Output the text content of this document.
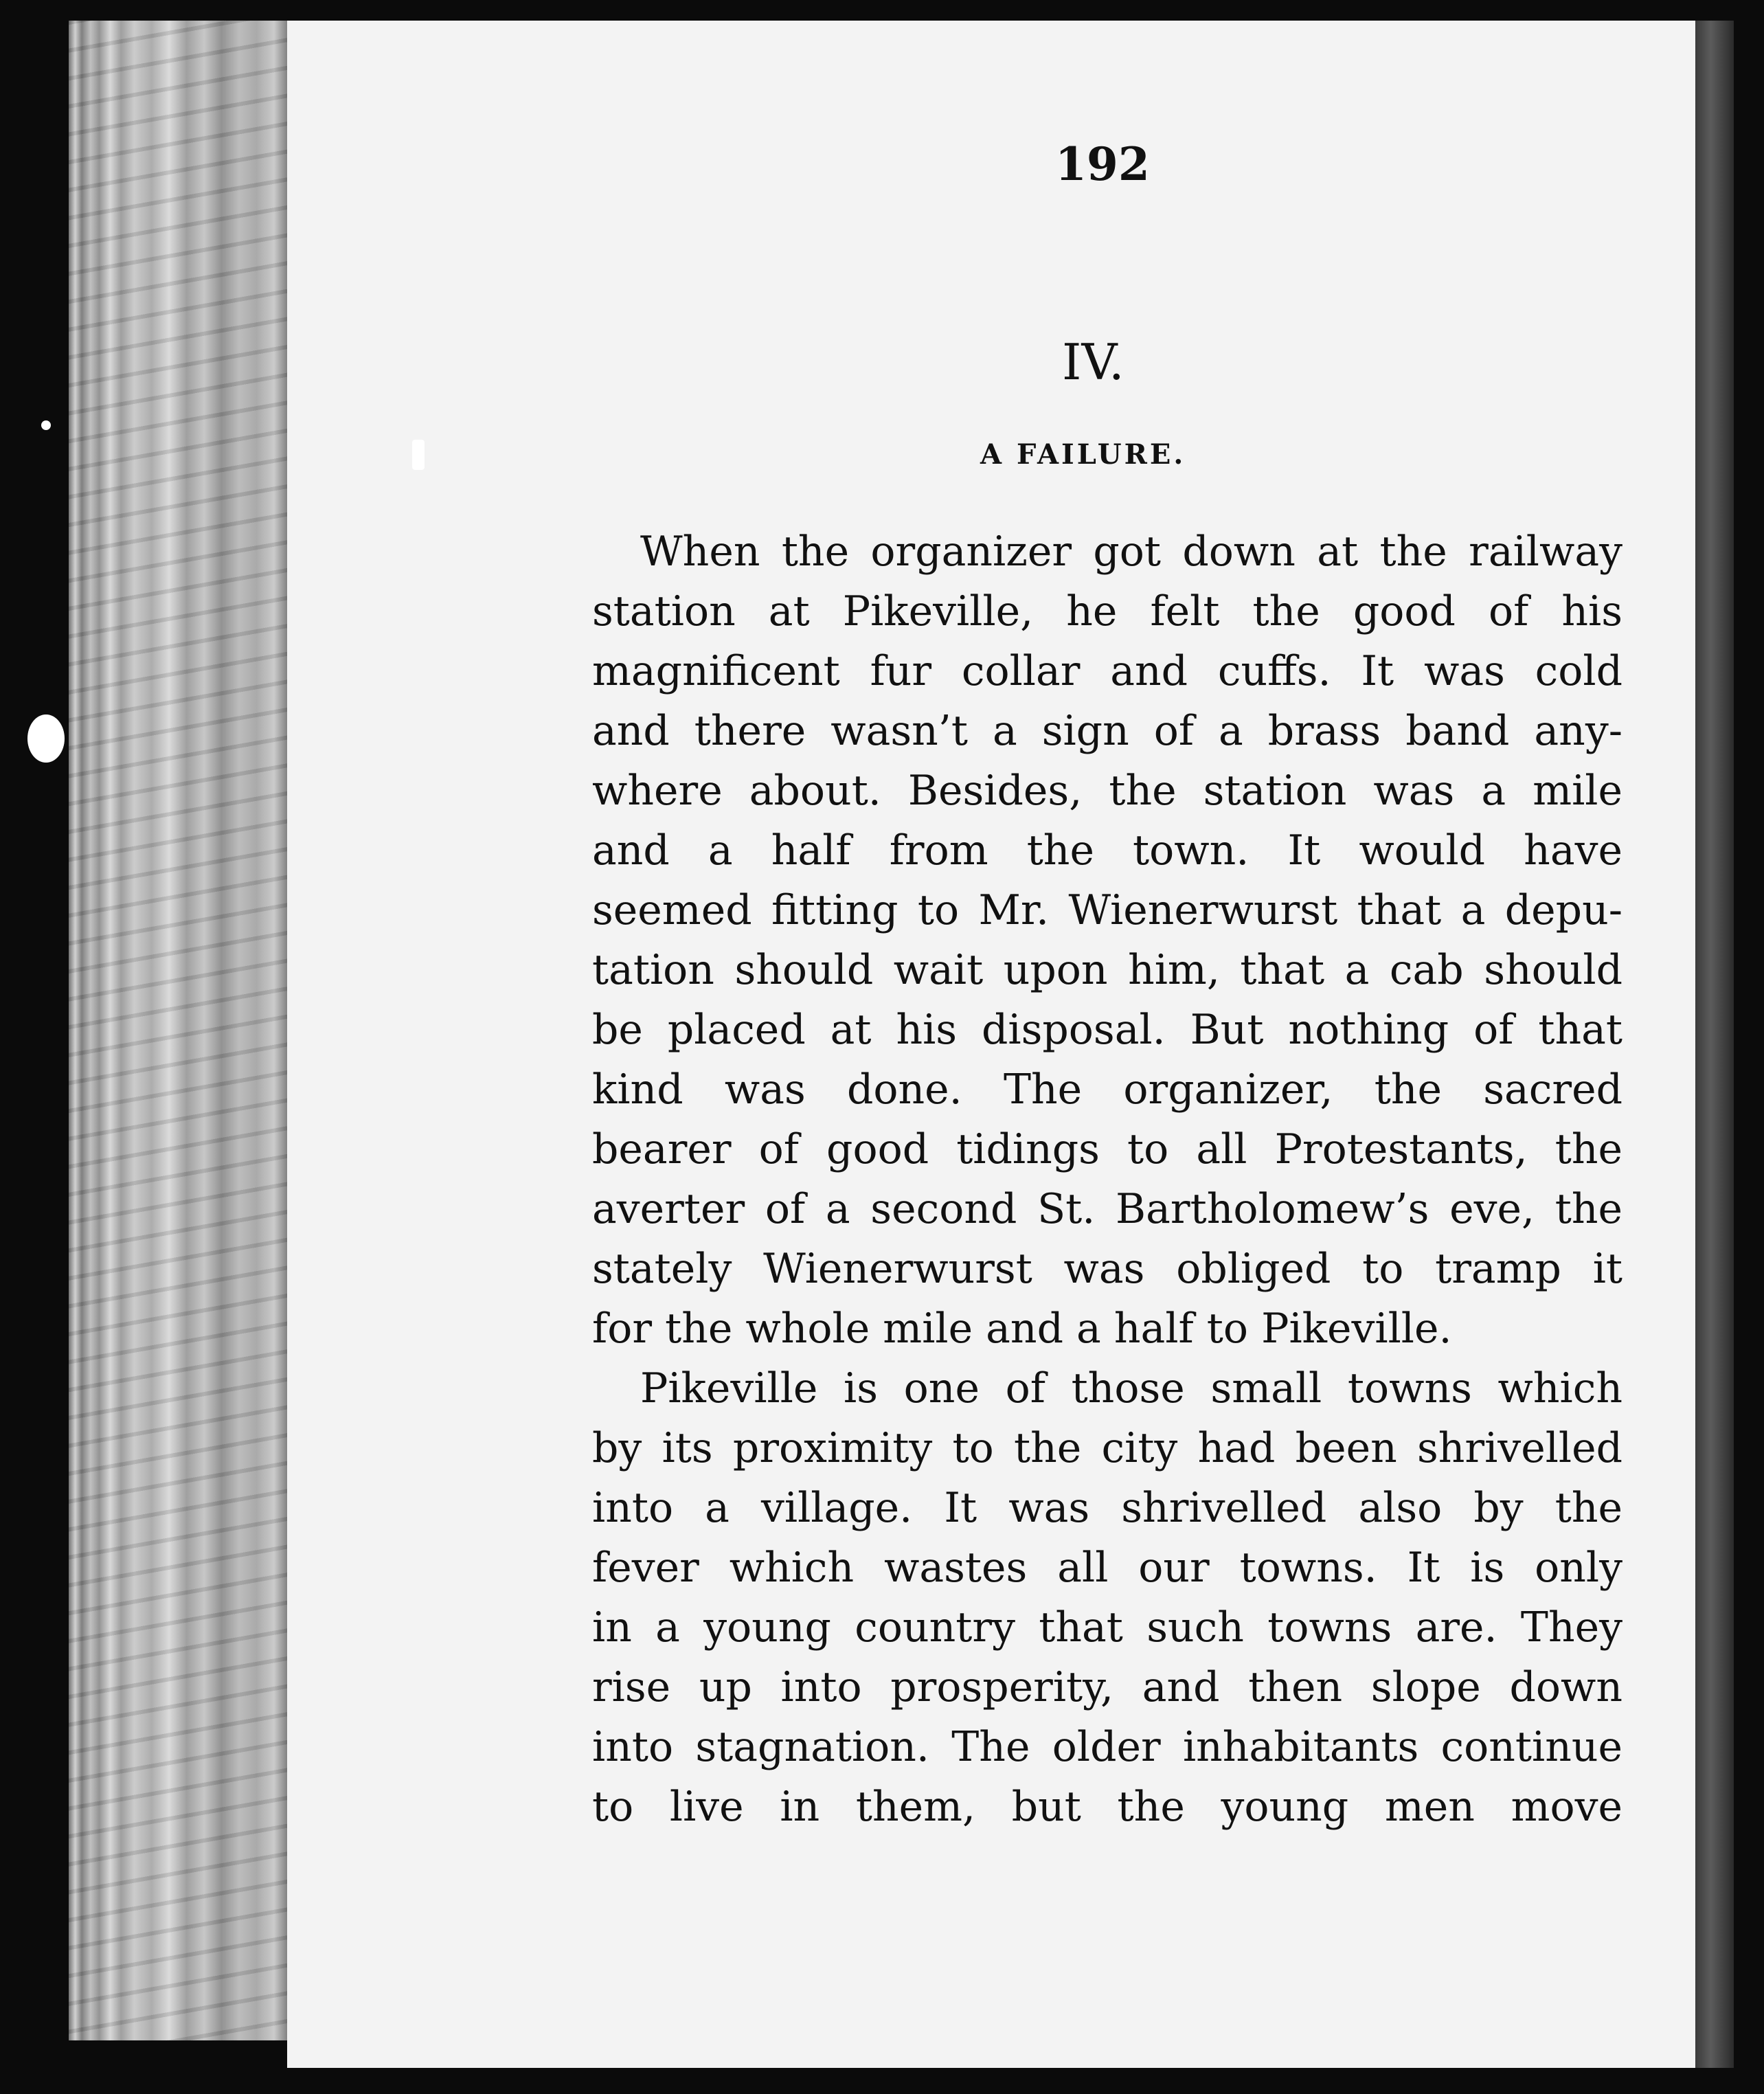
192
IV.
A FAILURE.
When the organizer got down at the railway
station at Pikeville, he felt the good of his
magnificent fur collar and cuffs. It was cold
and there wasn’t a sign of a brass band any-
where about. Besides, the station was a mile
and a half from the town. It would have
seemed fitting to Mr. Wienerwurst that a depu-
tation should wait upon him, that a cab should
be placed at his disposal. But nothing of that
kind was done. The organizer, the sacred
bearer of good tidings to all Protestants, the
averter of a second St. Bartholomew’s eve, the
stately Wienerwurst was obliged to tramp it
for the whole mile and a half to Pikeville.
Pikeville is one of those small towns which
by its proximity to the city had been shrivelled
into a village. It was shrivelled also by the
fever which wastes all our towns. It is only
in a young country that such towns are. They
rise up into prosperity, and then slope down
into stagnation. The older inhabitants continue
to live in them, but the young men move
